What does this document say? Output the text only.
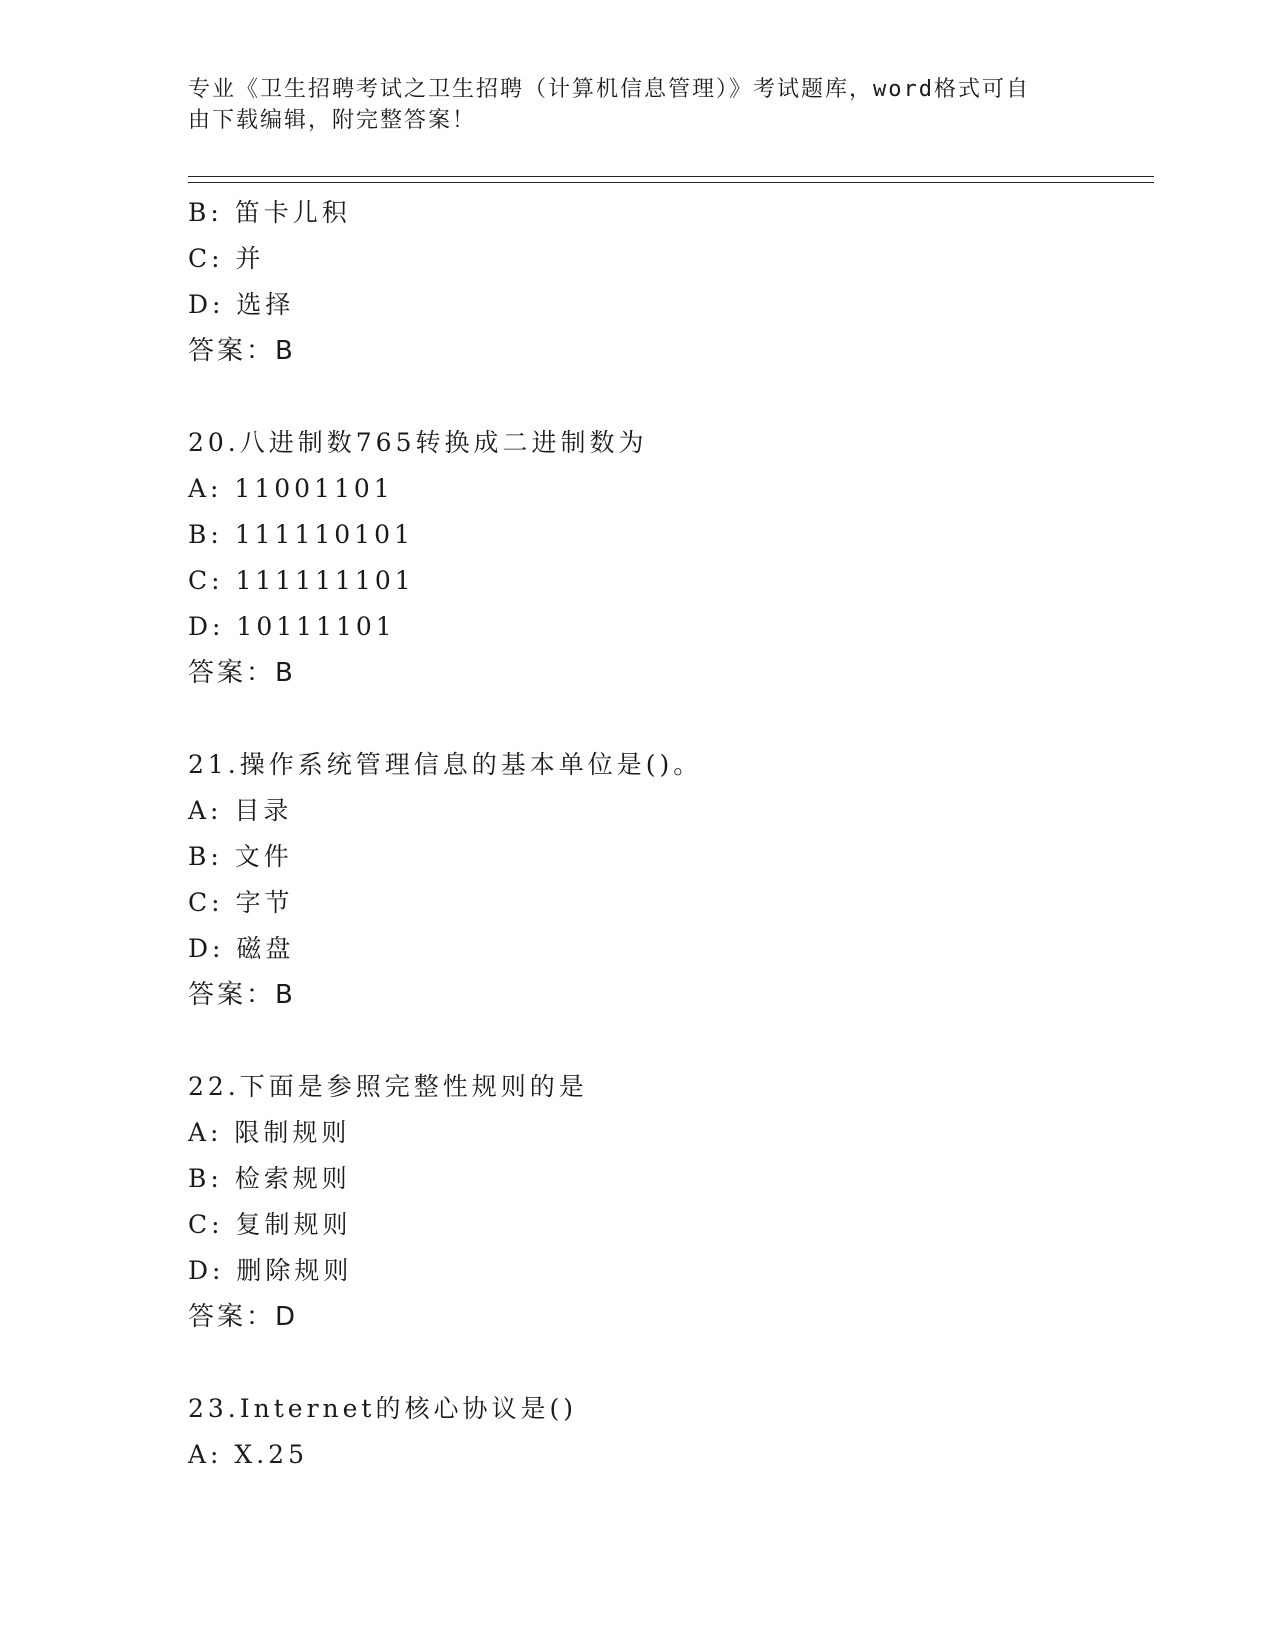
专业《卫生招聘考试之卫生招聘（计算机信息管理）》考试题库，word格式可自
由下载编辑，附完整答案！
B: 笛卡儿积
C: 并
D: 选择
答案：B
20.八进制数765转换成二进制数为
A: 11001101
B: 111110101
C: 111111101
D: 10111101
答案：B
21.操作系统管理信息的基本单位是()。
A: 目录
B: 文件
C: 字节
D: 磁盘
答案：B
22.下面是参照完整性规则的是
A: 限制规则
B: 检索规则
C: 复制规则
D: 删除规则
答案：D
23.Internet的核心协议是()
A: X.25
